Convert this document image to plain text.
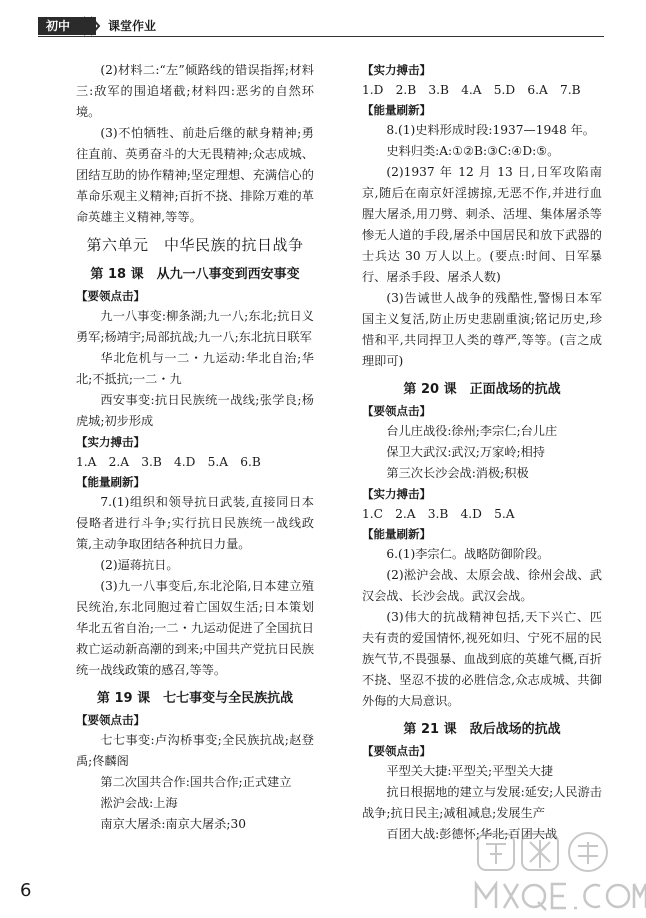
初中	课堂作业

(2)材料二:“左”倾路线的错误指挥;材料三:敌军的围追堵截;材料四:恶劣的自然环境。

(3)不怕牺牲、前赴后继的献身精神;勇往直前、英勇奋斗的大无畏精神;众志成城、团结互助的协作精神;坚定理想、充满信心的革命乐观主义精神;百折不挠、排除万难的革命英雄主义精神,等等。

第六单元　中华民族的抗日战争

第 18 课　从九一八事变到西安事变

【要领点击】

九一八事变:柳条湖;九一八;东北;抗日义勇军;杨靖宇;局部抗战;九一八;东北抗日联军

华北危机与一二・九运动:华北自治;华北;不抵抗;一二・九

西安事变:抗日民族统一战线;张学良;杨虎城;初步形成

【实力搏击】

1.A　2.A　3.B　4.D　5.A　6.B

【能量刷新】

7.(1)组织和领导抗日武装,直接同日本侵略者进行斗争;实行抗日民族统一战线政策,主动争取团结各种抗日力量。

(2)逼蒋抗日。

(3)九一八事变后,东北沦陷,日本建立殖民统治,东北同胞过着亡国奴生活;日本策划华北五省自治;一二・九运动促进了全国抗日救亡运动新高潮的到来;中国共产党抗日民族统一战线政策的感召,等等。

第 19 课　七七事变与全民族抗战

【要领点击】

七七事变:卢沟桥事变;全民族抗战;赵登禹;佟麟阁

第二次国共合作:国共合作;正式建立

淞沪会战:上海

南京大屠杀:南京大屠杀;30

【实力搏击】

1.D　2.B　3.B　4.A　5.D　6.A　7.B

【能量刷新】

8.(1)史料形成时段:1937—1948 年。

史料归类:A:①②B:③C:④D:⑤。

(2)1937 年 12 月 13 日,日军攻陷南京,随后在南京奸淫掳掠,无恶不作,并进行血腥大屠杀,用刀劈、刺杀、活埋、集体屠杀等惨无人道的手段,屠杀中国居民和放下武器的士兵达 30 万人以上。(要点:时间、日军暴行、屠杀手段、屠杀人数)

(3)告诫世人战争的残酷性,警惕日本军国主义复活,防止历史悲剧重演;铭记历史,珍惜和平,共同捍卫人类的尊严,等等。(言之成理即可)

第 20 课　正面战场的抗战

【要领点击】

台儿庄战役:徐州;李宗仁;台儿庄

保卫大武汉:武汉;万家岭;相持

第三次长沙会战:消极;积极

【实力搏击】

1.C　2.A　3.B　4.D　5.A

【能量刷新】

6.(1)李宗仁。战略防御阶段。

(2)淞沪会战、太原会战、徐州会战、武汉会战、长沙会战。武汉会战。

(3)伟大的抗战精神包括,天下兴亡、匹夫有责的爱国情怀,视死如归、宁死不屈的民族气节,不畏强暴、血战到底的英雄气概,百折不挠、坚忍不拔的必胜信念,众志成城、共御外侮的大局意识。

第 21 课　敌后战场的抗战

【要领点击】

平型关大捷:平型关;平型关大捷

抗日根据地的建立与发展:延安;人民游击战争;抗日民主;减租减息;发展生产

百团大战:彭德怀;华北;百团大战

6
